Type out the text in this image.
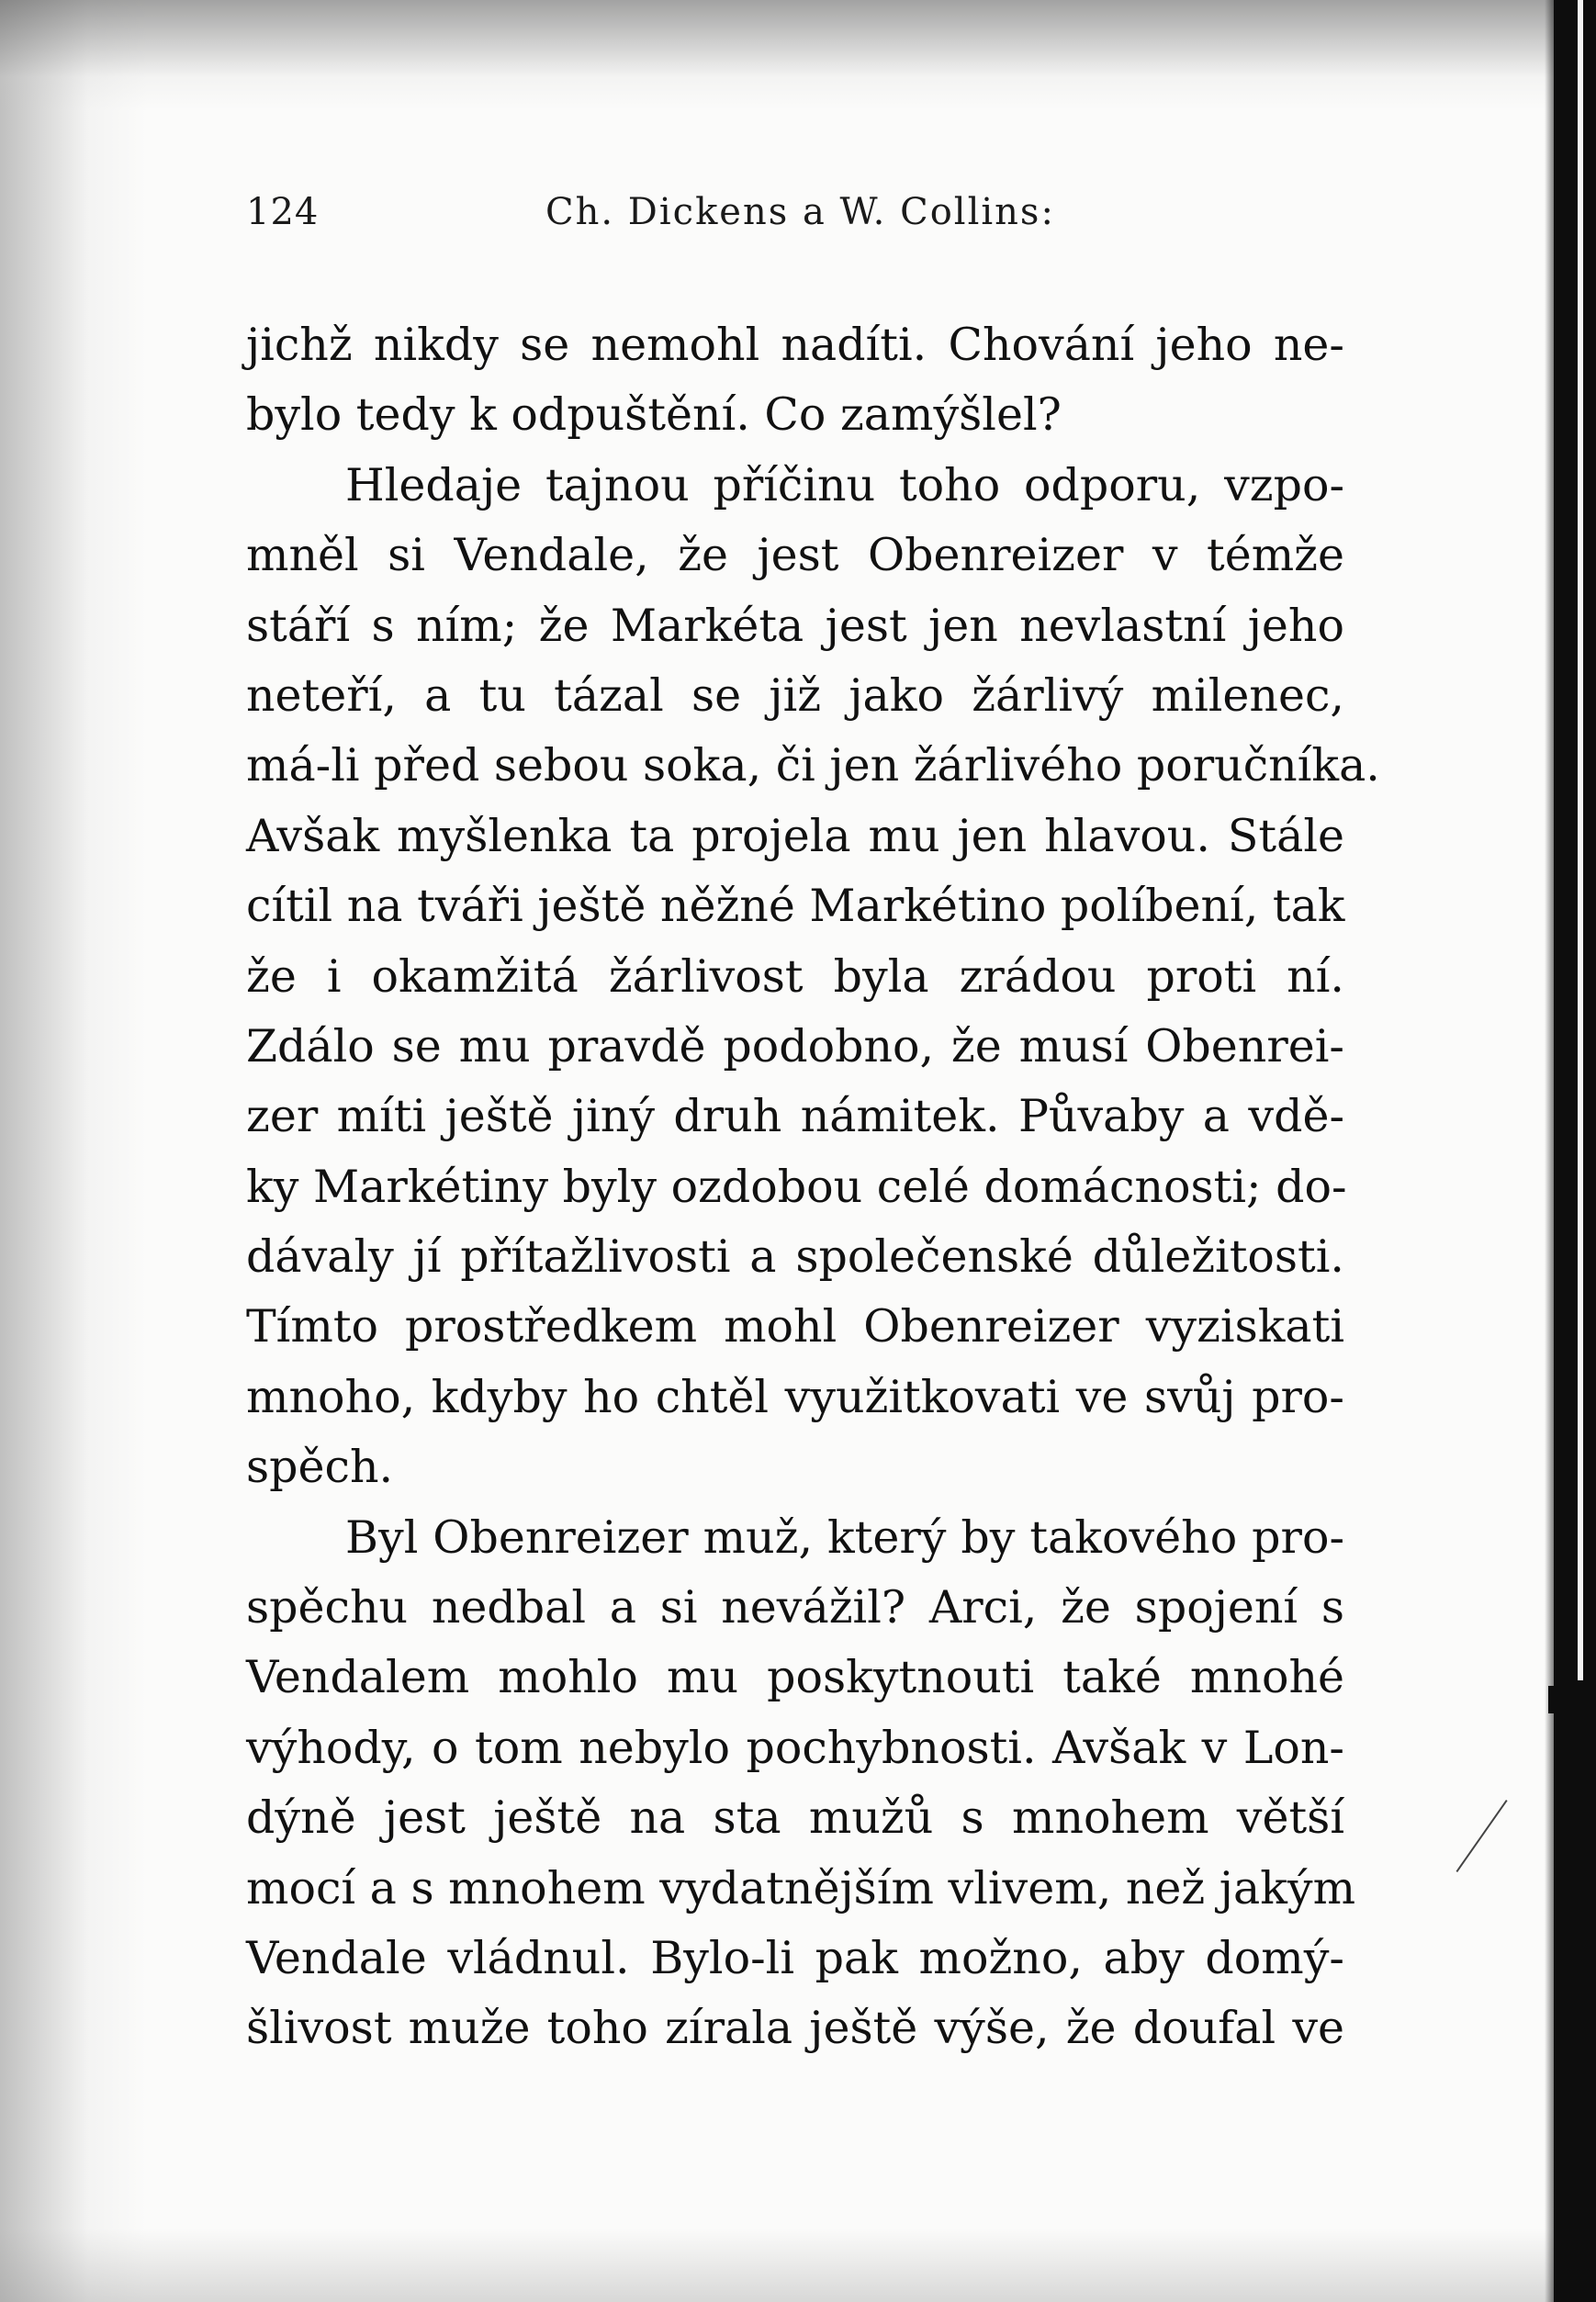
124	Ch. Dickens a W. Collins:
jichž nikdy se nemohl nadíti. Chování jeho ne-
bylo tedy k odpuštění. Co zamýšlel?
Hledaje tajnou příčinu toho odporu, vzpo-
mněl si Vendale, že jest Obenreizer v témže
stáří s ním; že Markéta jest jen nevlastní jeho
neteří, a tu tázal se již jako žárlivý milenec,
má-li před sebou soka, či jen žárlivého poručníka.
Avšak myšlenka ta projela mu jen hlavou. Stále
cítil na tváři ještě něžné Markétino políbení, tak
že i okamžitá žárlivost byla zrádou proti ní.
Zdálo se mu pravdě podobno, že musí Obenrei-
zer míti ještě jiný druh námitek. Půvaby a vdě-
ky Markétiny byly ozdobou celé domácnosti; do-
dávaly jí přítažlivosti a společenské důležitosti.
Tímto prostředkem mohl Obenreizer vyziskati
mnoho, kdyby ho chtěl využitkovati ve svůj pro-
spěch.
Byl Obenreizer muž, který by takového pro-
spěchu nedbal a si nevážil? Arci, že spojení s
Vendalem mohlo mu poskytnouti také mnohé
výhody, o tom nebylo pochybnosti. Avšak v Lon-
dýně jest ještě na sta mužů s mnohem větší
mocí a s mnohem vydatnějším vlivem, než jakým
Vendale vládnul. Bylo-li pak možno, aby domý-
šlivost muže toho zírala ještě výše, že doufal ve
